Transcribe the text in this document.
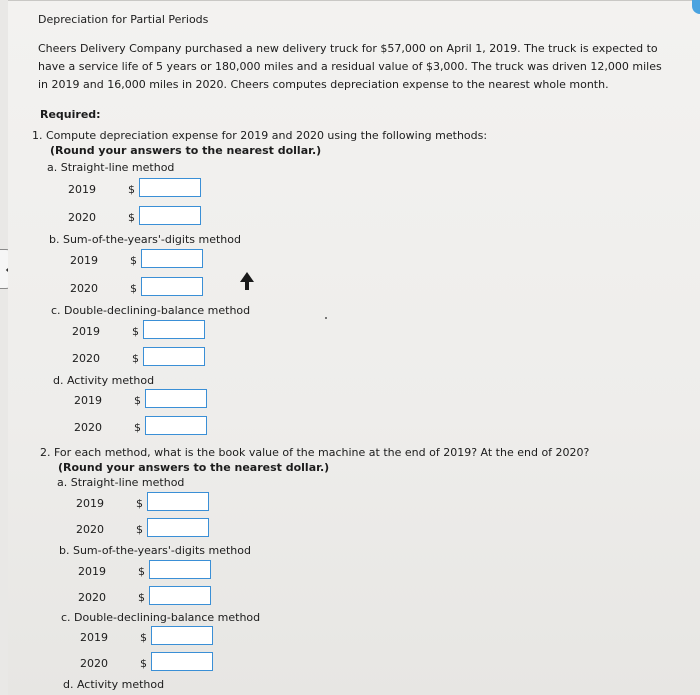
Depreciation for Partial Periods
Cheers Delivery Company purchased a new delivery truck for $57,000 on April 1, 2019. The truck is expected to have a service life of 5 years or 180,000 miles and a residual value of $3,000. The truck was driven 12,000 miles in 2019 and 16,000 miles in 2020. Cheers computes depreciation expense to the nearest whole month.
Required:
1. Compute depreciation expense for 2019 and 2020 using the following methods:
(Round your answers to the nearest dollar.)
a. Straight-line method
2019	$
2020	$
b. Sum-of-the-years'-digits method
2019	$
2020	$
c. Double-declining-balance method
2019	$
2020	$
d. Activity method
2019	$
2020	$
2. For each method, what is the book value of the machine at the end of 2019? At the end of 2020?
(Round your answers to the nearest dollar.)
a. Straight-line method
2019	$
2020	$
b. Sum-of-the-years'-digits method
2019	$
2020	$
c. Double-declining-balance method
2019	$
2020	$
d. Activity method
